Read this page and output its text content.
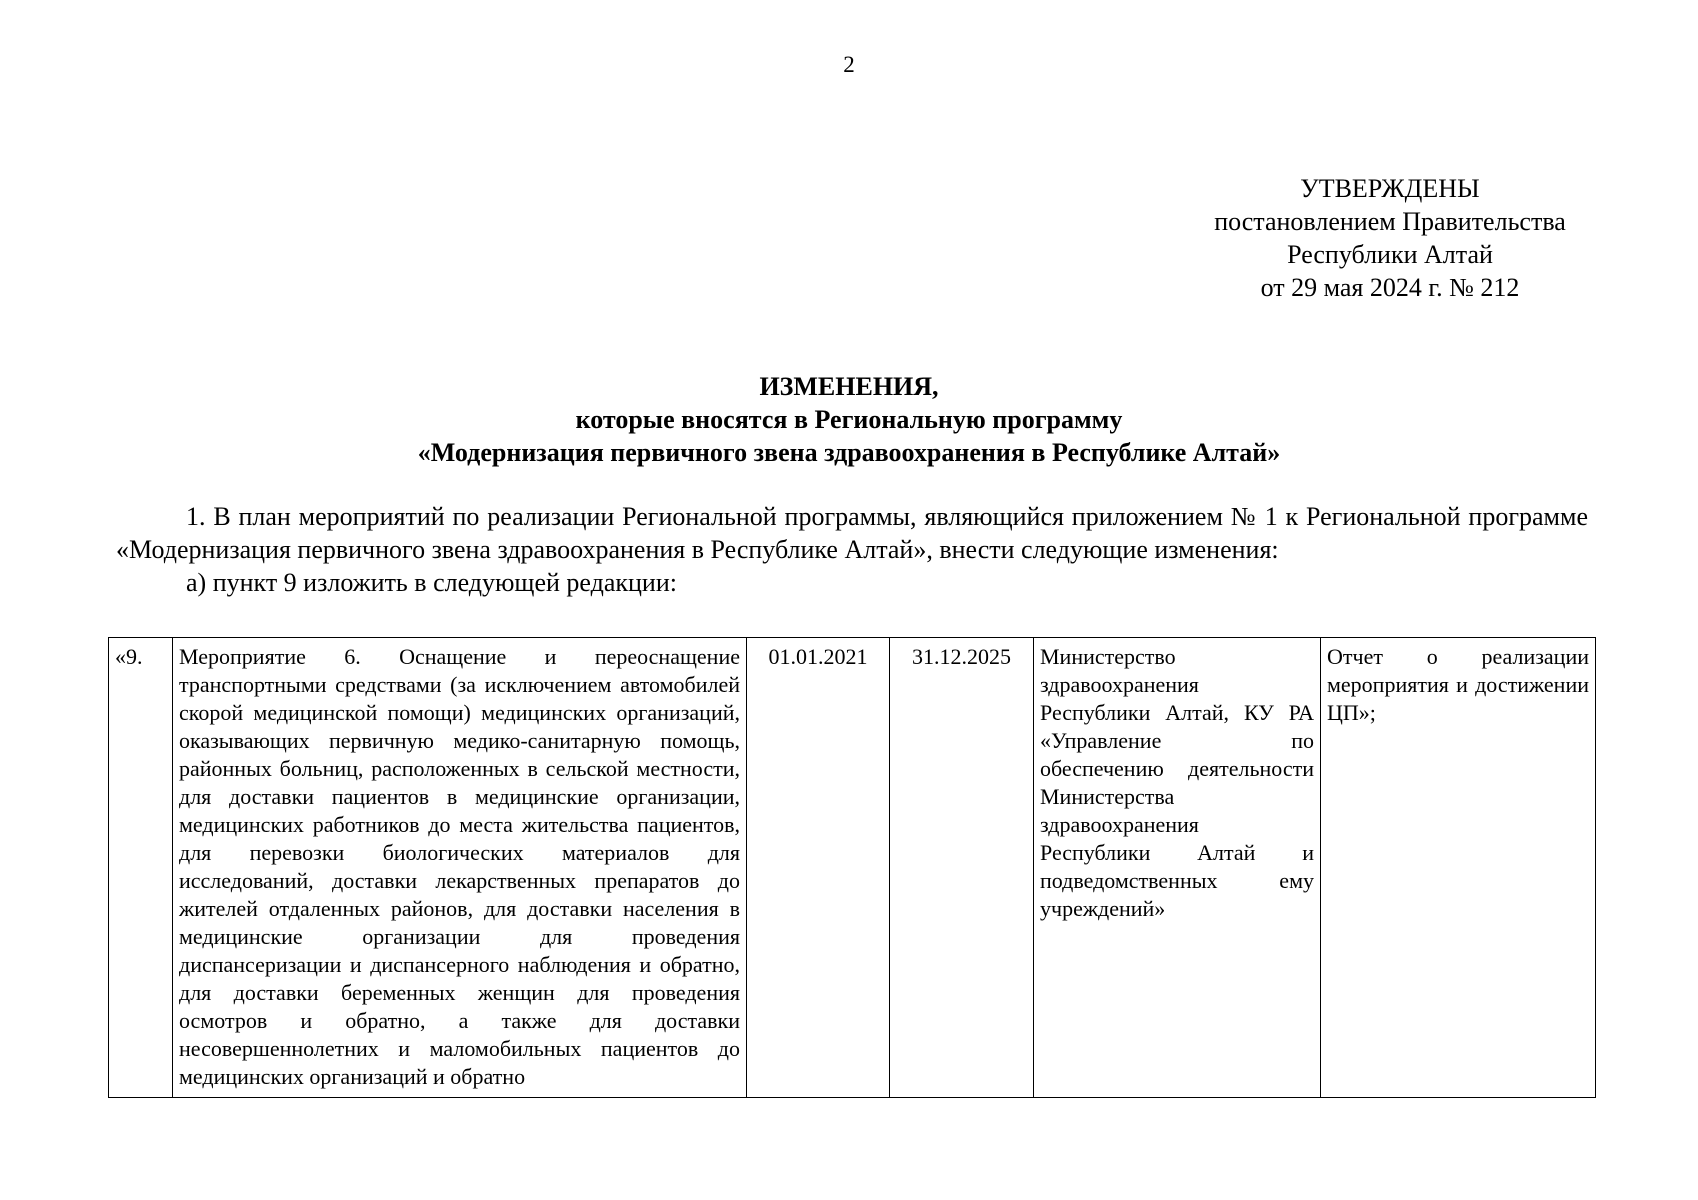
2
УТВЕРЖДЕНЫ
постановлением Правительства
Республики Алтай
от 29 мая 2024 г. № 212
ИЗМЕНЕНИЯ,
которые вносятся в Региональную программу
«Модернизация первичного звена здравоохранения в Республике Алтай»

1. В план мероприятий по реализации Региональной программы, являющийся приложением № 1 к Региональной программе «Модернизация первичного звена здравоохранения в Республике Алтай», внести следующие изменения:

а) пункт 9 изложить в следующей редакции:

«9.	Мероприятие 6. Оснащение и переоснащение транспортными средствами (за исключением автомобилей скорой медицинской помощи) медицинских организаций, оказывающих первичную медико-санитарную помощь, районных больниц, расположенных в сельской местности, для доставки пациентов в медицинские организации, медицинских работников до места жительства пациентов, для перевозки биологических материалов для исследований, доставки лекарственных препаратов до жителей отдаленных районов, для доставки населения в медицинские организации для проведения диспансеризации и диспансерного наблюдения и обратно, для доставки беременных женщин для проведения осмотров и обратно, а также для доставки несовершеннолетних и маломобильных пациентов до медицинских организаций и обратно	01.01.2021	31.12.2025	Министерство здравоохранения Республики Алтай, КУ РА «Управление по обеспечению деятельности Министерства здравоохранения Республики Алтай и подведомственных ему учреждений»	Отчет о реализации мероприятия и достижении ЦП»;
